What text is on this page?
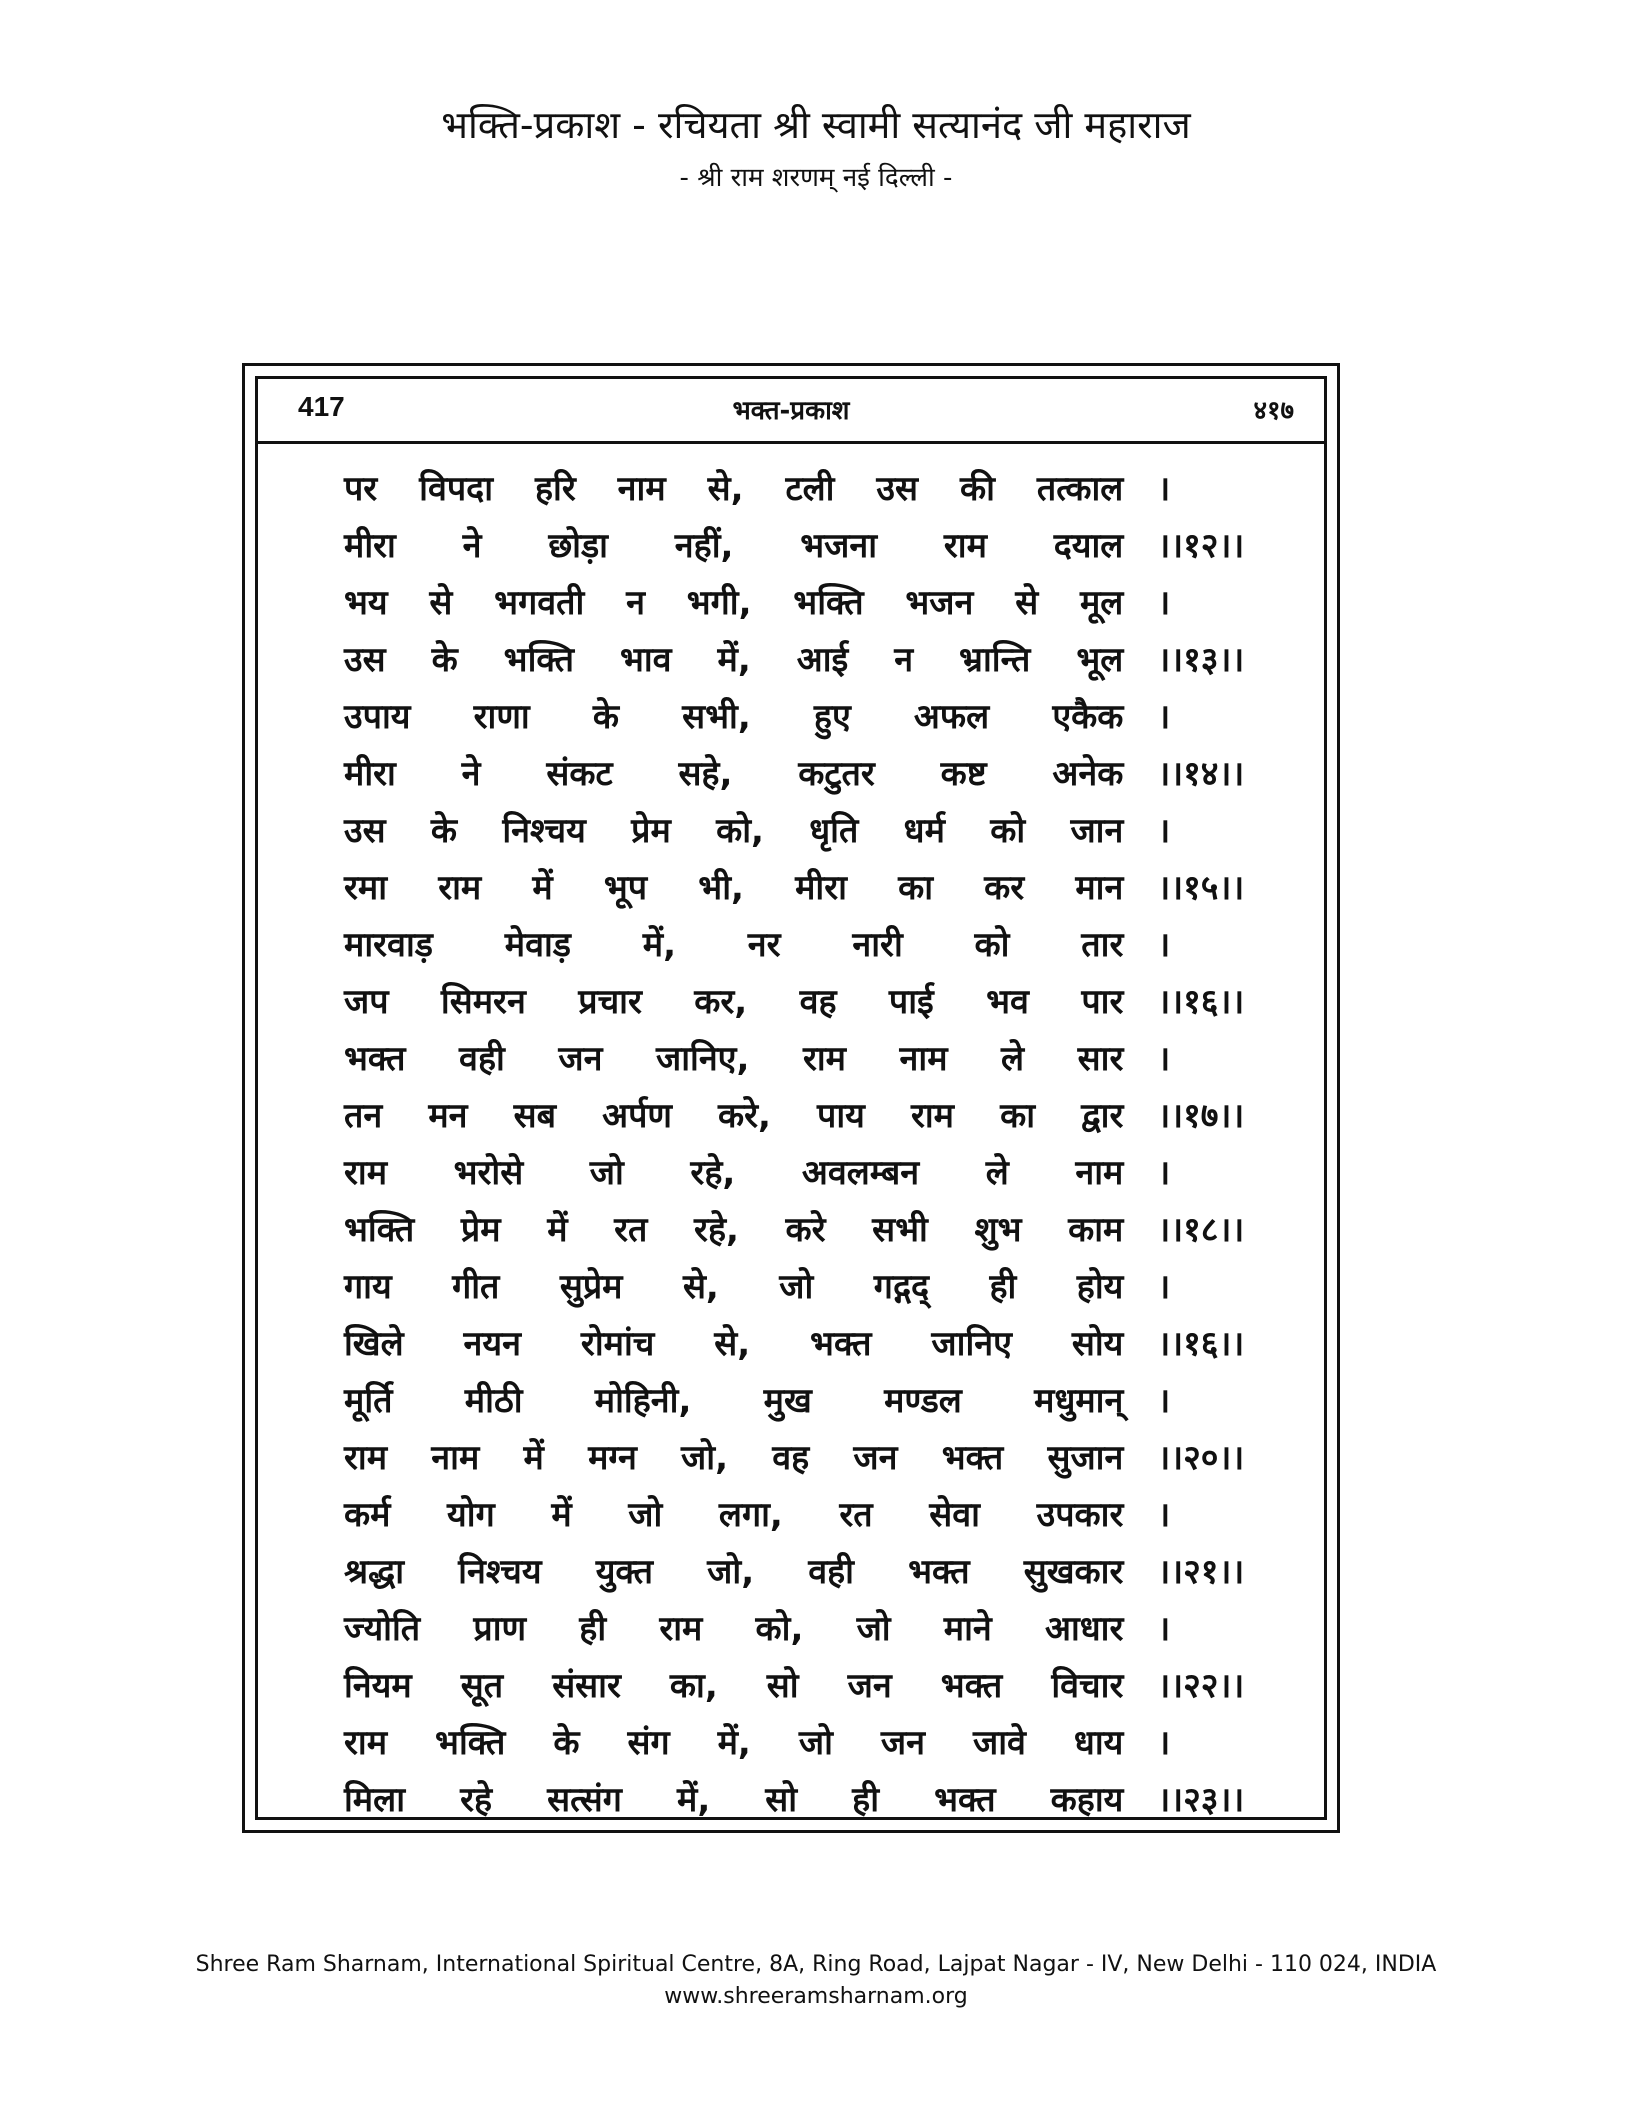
भक्ति-प्रकाश - रचियता श्री स्वामी सत्यानंद जी महाराज
- श्री राम शरणम् नई दिल्ली -
417	भक्त-प्रकाश	४१७
पर विपदा हरि नाम से, टली उस की तत्काल	।
मीरा ने छोड़ा नहीं, भजना राम दयाल	।।१२।।
भय से भगवती न भगी, भक्ति भजन से मूल	।
उस के भक्ति भाव में, आई न भ्रान्ति भूल	।।१३।।
उपाय राणा के सभी, हुए अफल एकैक	।
मीरा ने संकट सहे, कटुतर कष्ट अनेक	।।१४।।
उस के निश्चय प्रेम को, धृति धर्म को जान	।
रमा राम में भूप भी, मीरा का कर मान	।।१५।।
मारवाड़ मेवाड़ में, नर नारी को तार	।
जप सिमरन प्रचार कर, वह पाई भव पार	।।१६।।
भक्त वही जन जानिए, राम नाम ले सार	।
तन मन सब अर्पण करे, पाय राम का द्वार	।।१७।।
राम भरोसे जो रहे, अवलम्बन ले नाम	।
भक्ति प्रेम में रत रहे, करे सभी शुभ काम	।।१८।।
गाय गीत सुप्रेम से, जो गद्गद् ही होय	।
खिले नयन रोमांच से, भक्त जानिए सोय	।।१६।।
मूर्ति मीठी मोहिनी, मुख मण्डल मधुमान्	।
राम नाम में मग्न जो, वह जन भक्त सुजान	।।२०।।
कर्म योग में जो लगा, रत सेवा उपकार	।
श्रद्धा निश्चय युक्त जो, वही भक्त सुखकार	।।२१।।
ज्योति प्राण ही राम को, जो माने आधार	।
नियम सूत संसार का, सो जन भक्त विचार	।।२२।।
राम भक्ति के संग में, जो जन जावे धाय	।
मिला रहे सत्संग में, सो ही भक्त कहाय	।।२३।।
Shree Ram Sharnam, International Spiritual Centre, 8A, Ring Road, Lajpat Nagar - IV, New Delhi - 110 024, INDIA
www.shreeramsharnam.org
